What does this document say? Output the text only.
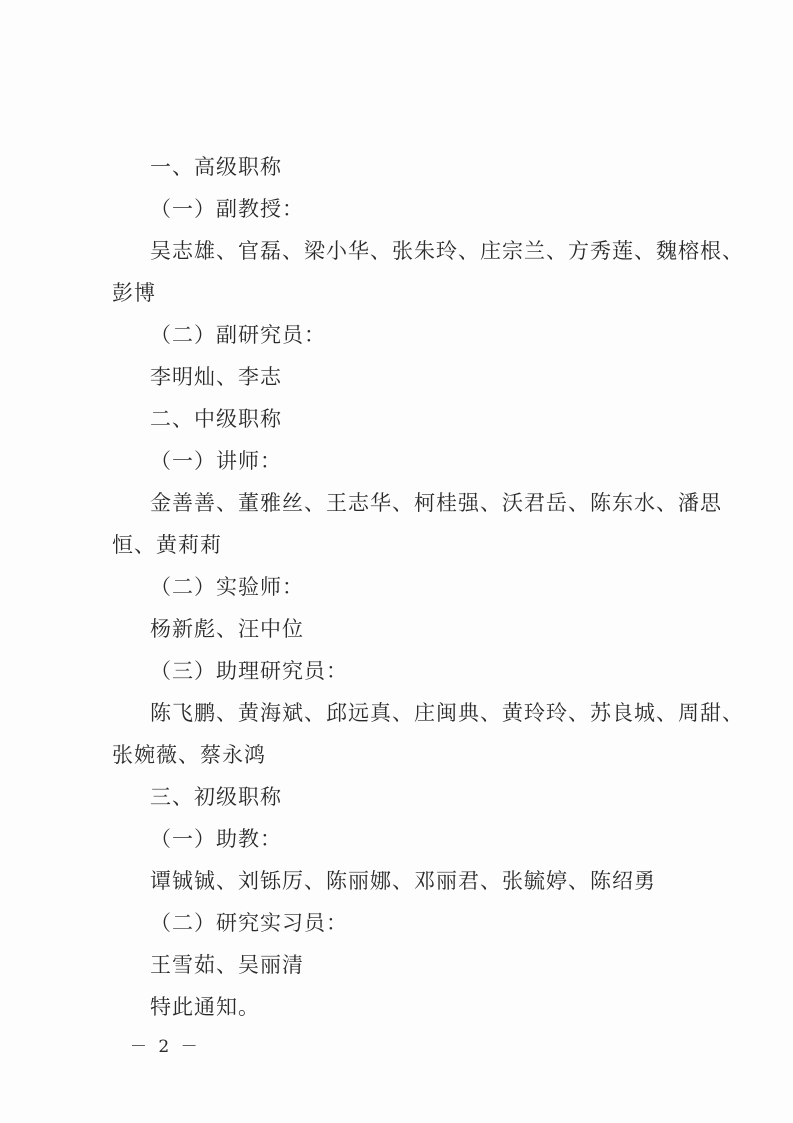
一、高级职称
（一）副教授：
吴志雄、官磊、梁小华、张朱玲、庄宗兰、方秀莲、魏榕根、
彭博
（二）副研究员：
李明灿、李志
二、中级职称
（一）讲师：
金善善、董雅丝、王志华、柯桂强、沃君岳、陈东水、潘思
恒、黄莉莉
（二）实验师：
杨新彪、汪中位
（三）助理研究员：
陈飞鹏、黄海斌、邱远真、庄闽典、黄玲玲、苏良城、周甜、
张婉薇、蔡永鸿
三、初级职称
（一）助教：
谭铖铖、刘铄厉、陈丽娜、邓丽君、张毓婷、陈绍勇
（二）研究实习员：
王雪茹、吴丽清
特此通知。
－ 2 －
